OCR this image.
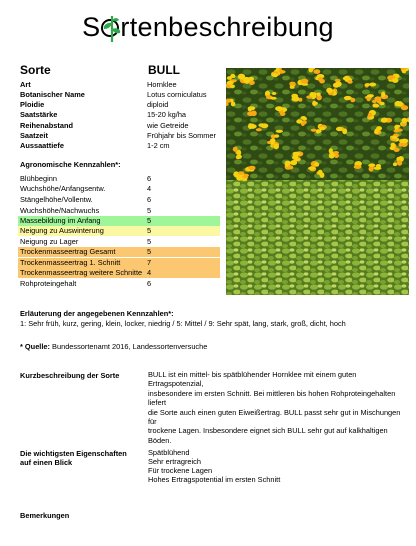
S rtenbeschreibung
Sorte	BULL
Art	Hornklee
Botanischer Name	Lotus corniculatus
Ploidie	diploid
Saatstärke	15-20 kg/ha
Reihenabstand	wie Getreide
Saatzeit	Frühjahr bis Sommer
Aussaattiefe	1-2 cm
Agronomische Kennzahlen*:
Blühbeginn	6
Wuchshöhe/Anfangsentw.	4
Stängelhöhe/Vollentw.	6
Wuchshöhe/Nachwuchs	5
Massebildung im Anfang	5
Neigung zu Auswinterung	5
Neigung zu Lager	5
Trockenmasseertrag Gesamt	5
Trockenmasseertrag 1. Schnitt	7
Trockenmasseertrag weitere Schnitte 4
Rohproteingehalt	6
Erläuterung der angegebenen Kennzahlen*:
1: Sehr früh, kurz, gering, klein, locker, niedrig / 5: Mittel / 9: Sehr spät, lang, stark, groß, dicht, hoch
* Quelle: Bundessortenamt 2016, Landessortenversuche
Kurzbeschreibung der Sorte	BULL ist ein mittel- bis spätblühender Hornklee mit einem guten Ertragspotenzial,
insbesondere im ersten Schnitt. Bei mittleren bis hohen Rohproteingehalten liefert
die Sorte auch einen guten Eiweißertrag. BULL passt sehr gut in Mischungen für
trockene Lagen. Insbesondere eignet sich BULL sehr gut auf kalkhaltigen Böden.
Die wichtigsten Eigenschaften auf einen Blick
Spätblühend
Sehr ertragreich
Für trockene Lagen
Hohes Ertragspotential im ersten Schnitt
Bemerkungen
